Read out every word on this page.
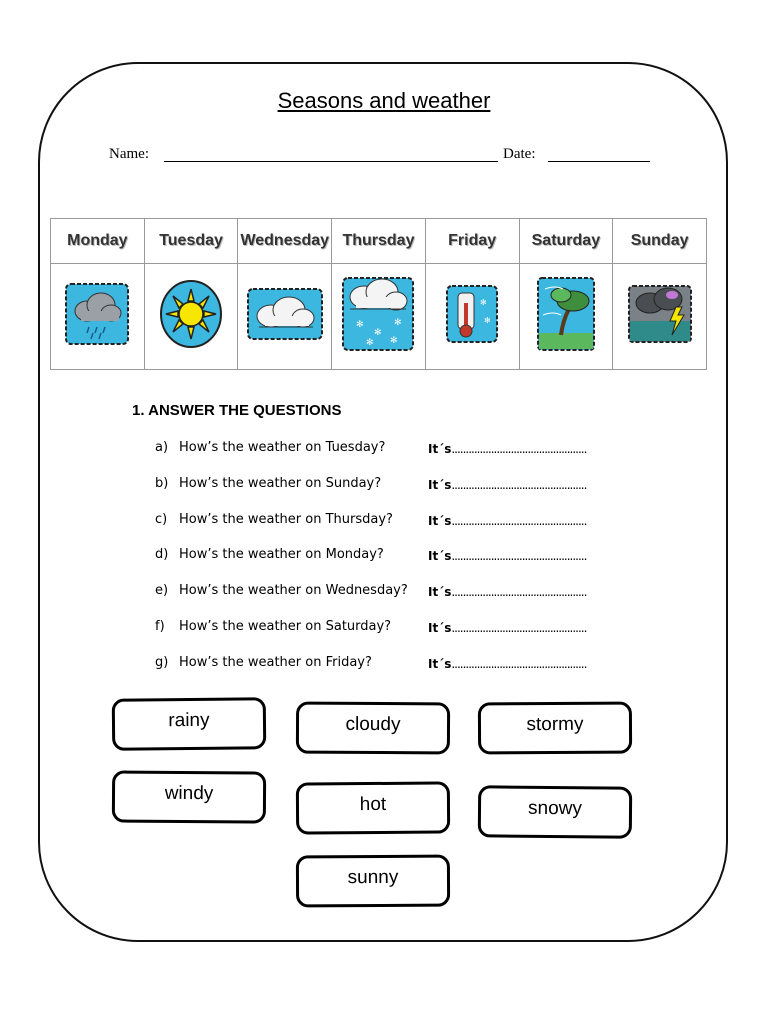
Seasons and weather
Name:	Date:
Monday	Tuesday	Wednesday	Thursday	Friday	Saturday	Sunday

✻
✻
✻
✻ ✻	✻
✻

1. ANSWER THE QUESTIONS
a) How’s the weather on Tuesday?	It´s................................................
b) How’s the weather on Sunday?	It´s................................................
c) How’s the weather on Thursday?	It´s................................................
d) How’s the weather on Monday?	It´s................................................
e) How’s the weather on Wednesday? It´s................................................
f) How’s the weather on Saturday?	It´s................................................
g) How’s the weather on Friday?	It´s................................................
rainy	cloudy	stormy
windy
hot	snowy
sunny
